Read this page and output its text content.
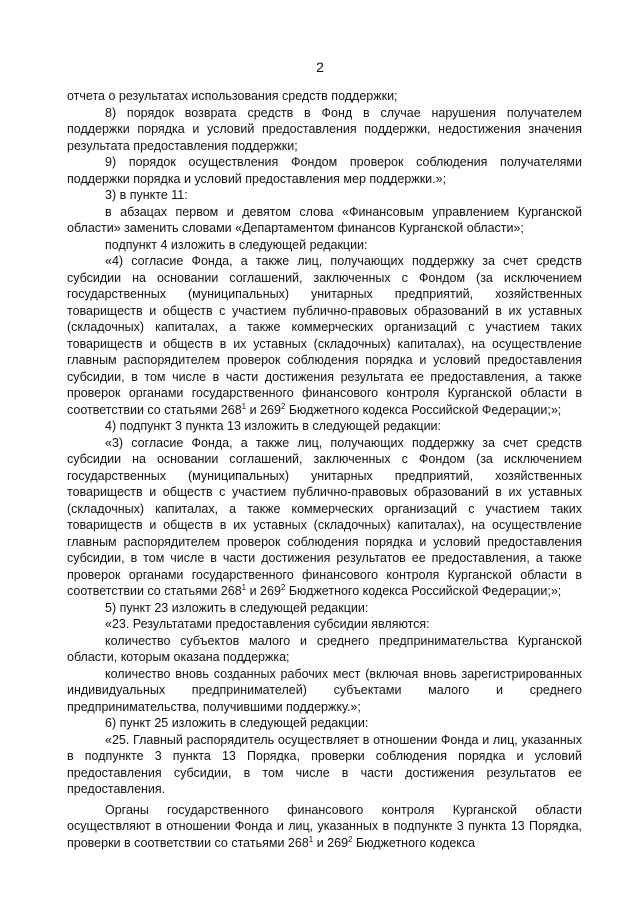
2

отчета о результатах использования средств поддержки;

8) порядок возврата средств в Фонд в случае нарушения получателем поддержки порядка и условий предоставления поддержки, недостижения значения результата предоставления поддержки;

9) порядок осуществления Фондом проверок соблюдения получателями поддержки порядка и условий предоставления мер поддержки.»;

3) в пункте 11:

в абзацах первом и девятом слова «Финансовым управлением Курганской области» заменить словами «Департаментом финансов Курганской области»;

подпункт 4 изложить в следующей редакции:

«4) согласие Фонда, а также лиц, получающих поддержку за счет средств субсидии на основании соглашений, заключенных с Фондом (за исключением государственных (муниципальных) унитарных предприятий, хозяйственных товариществ и обществ с участием публично-правовых образований в их уставных (складочных) капиталах, а также коммерческих организаций с участием таких товариществ и обществ в их уставных (складочных) капиталах), на осуществление главным распорядителем проверок соблюдения порядка и условий предоставления субсидии, в том числе в части достижения результата ее предоставления, а также проверок органами государственного финансового контроля Курганской области в соответствии со статьями $268^1$ и $269^2$ Бюджетного кодекса Российской Федерации;»;

4) подпункт 3 пункта 13 изложить в следующей редакции:

«3) согласие Фонда, а также лиц, получающих поддержку за счет средств субсидии на основании соглашений, заключенных с Фондом (за исключением государственных (муниципальных) унитарных предприятий, хозяйственных товариществ и обществ с участием публично-правовых образований в их уставных (складочных) капиталах, а также коммерческих организаций с участием таких товариществ и обществ в их уставных (складочных) капиталах), на осуществление главным распорядителем проверок соблюдения порядка и условий предоставления субсидии, в том числе в части достижения результатов ее предоставления, а также проверок органами государственного финансового контроля Курганской области в соответствии со статьями $268^1$ и $269^2$ Бюджетного кодекса Российской Федерации;»;

5) пункт 23 изложить в следующей редакции:

«23. Результатами предоставления субсидии являются:

количество субъектов малого и среднего предпринимательства Курганской области, которым оказана поддержка;

количество вновь созданных рабочих мест (включая вновь зарегистрированных индивидуальных предпринимателей) субъектами малого и среднего предпринимательства, получившими поддержку.»;

6) пункт 25 изложить в следующей редакции:

«25. Главный распорядитель осуществляет в отношении Фонда и лиц, указанных в подпункте 3 пункта 13 Порядка, проверки соблюдения порядка и условий предоставления субсидии, в том числе в части достижения результатов ее предоставления.

Органы государственного финансового контроля Курганской области осуществляют в отношении Фонда и лиц, указанных в подпункте 3 пункта 13 Порядка, проверки в соответствии со статьями $268^1$ и $269^2$ Бюджетного кодекса
